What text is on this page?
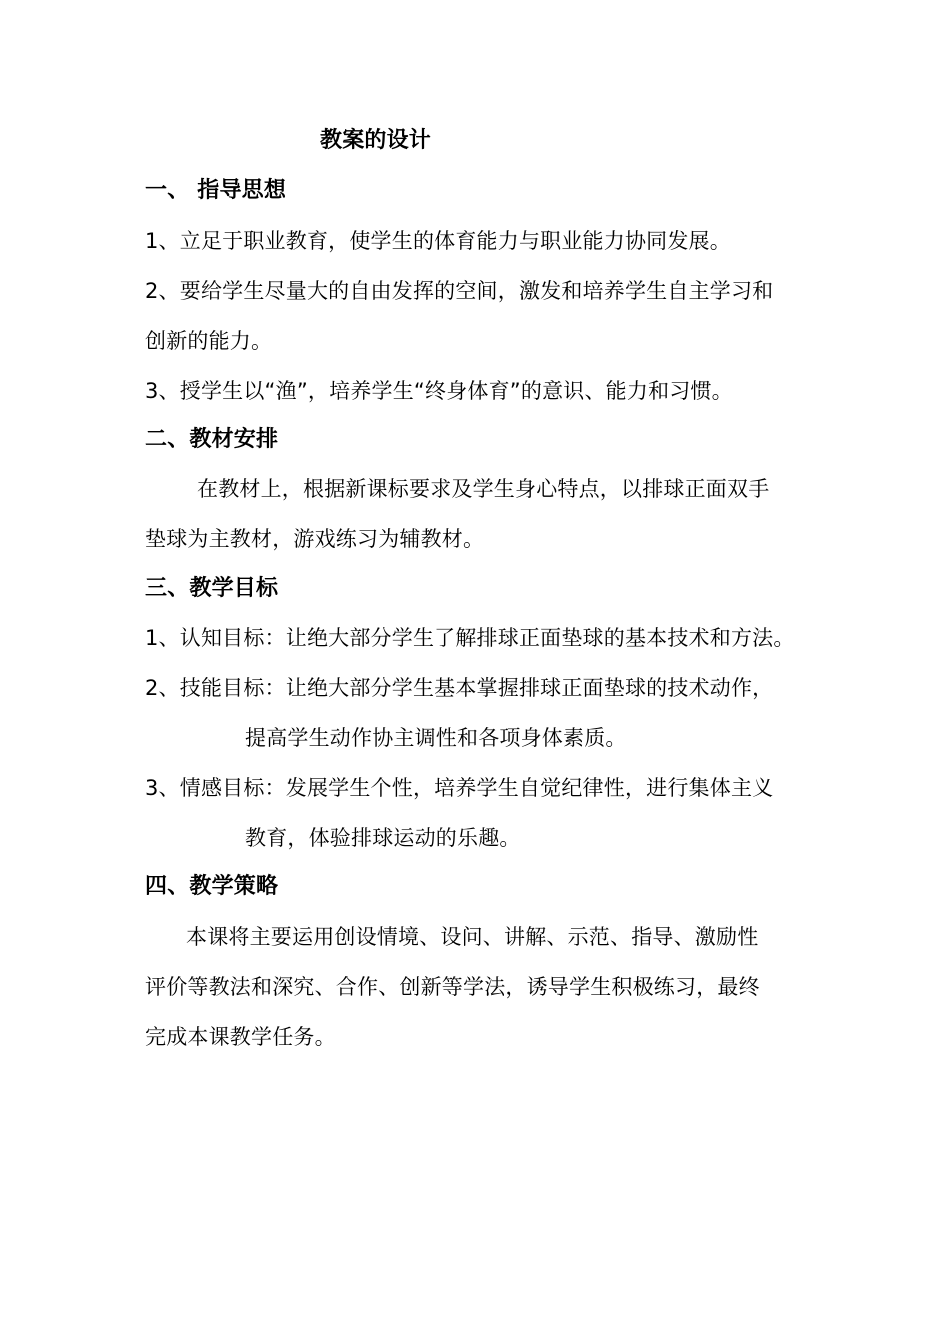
教案的设计
一、 指导思想
1、立足于职业教育，使学生的体育能力与职业能力协同发展。
2、要给学生尽量大的自由发挥的空间，激发和培养学生自主学习和
创新的能力。
3、授学生以“渔”，培养学生“终身体育”的意识、能力和习惯。
二、教材安排
在教材上，根据新课标要求及学生身心特点，以排球正面双手
垫球为主教材，游戏练习为辅教材。
三、教学目标
1、认知目标：让绝大部分学生了解排球正面垫球的基本技术和方法。
2、技能目标：让绝大部分学生基本掌握排球正面垫球的技术动作，
提高学生动作协主调性和各项身体素质。
3、情感目标：发展学生个性，培养学生自觉纪律性，进行集体主义
教育，体验排球运动的乐趣。
四、教学策略
本课将主要运用创设情境、设问、讲解、示范、指导、激励性
评价等教法和深究、合作、创新等学法，诱导学生积极练习，最终
完成本课教学任务。
